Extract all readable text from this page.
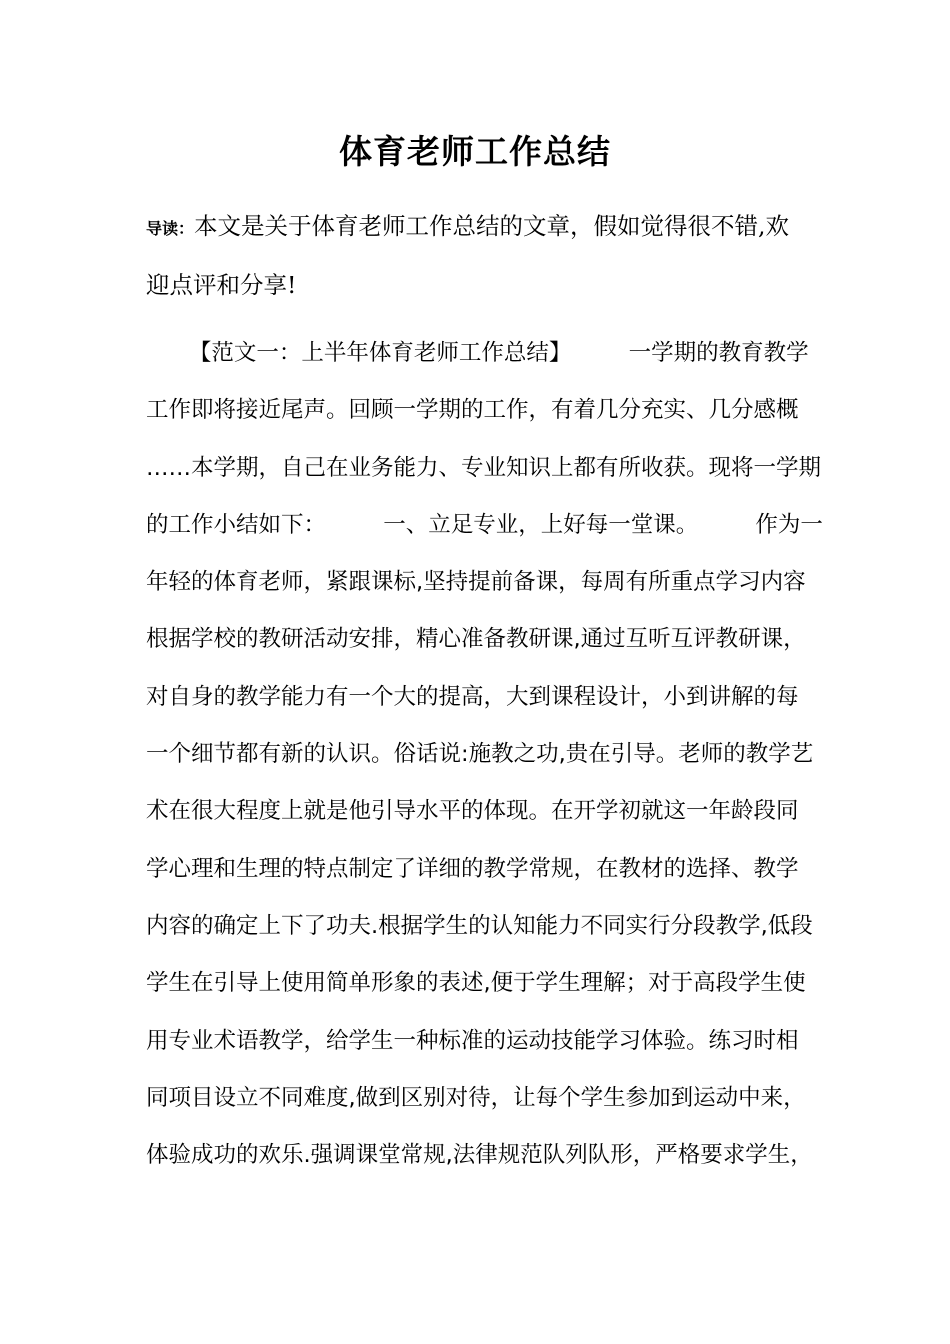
体育老师工作总结

导读：本文是关于体育老师工作总结的文章，假如觉得很不错,欢迎点评和分享!

【范文一：上半年体育老师工作总结】        一学期的教育教学
工作即将接近尾声。回顾一学期的工作，有着几分充实、几分感概
……本学期，自己在业务能力、专业知识上都有所收获。现将一学期
的工作小结如下：        一、立足专业，上好每一堂课。        作为一
年轻的体育老师，紧跟课标,坚持提前备课，每周有所重点学习内容
根据学校的教研活动安排，精心准备教研课,通过互听互评教研课，
对自身的教学能力有一个大的提高，大到课程设计，小到讲解的每
一个细节都有新的认识。俗话说:施教之功,贵在引导。老师的教学艺
术在很大程度上就是他引导水平的体现。在开学初就这一年龄段同
学心理和生理的特点制定了详细的教学常规，在教材的选择、教学
内容的确定上下了功夫.根据学生的认知能力不同实行分段教学,低段
学生在引导上使用简单形象的表述,便于学生理解；对于高段学生使
用专业术语教学，给学生一种标准的运动技能学习体验。练习时相
同项目设立不同难度,做到区别对待，让每个学生参加到运动中来，
体验成功的欢乐.强调课堂常规,法律规范队列队形，严格要求学生，
